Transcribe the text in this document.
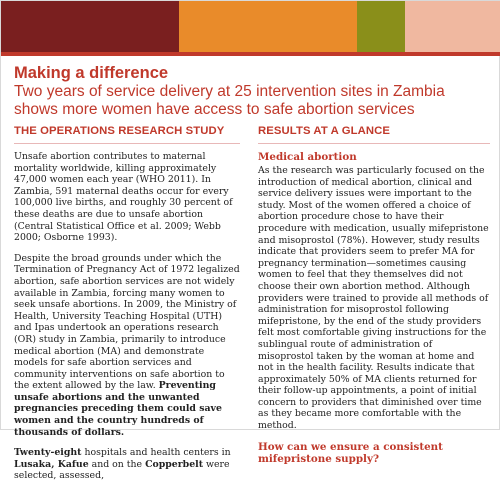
Making a difference
Two years of service delivery at 25 intervention sites in Zambia shows more women have access to safe abortion services
THE OPERATIONS RESEARCH STUDY

Unsafe abortion contributes to maternal mortality worldwide, killing approximately 47,000 women each year (WHO 2011). In Zambia, 591 maternal deaths occur for every 100,000 live births, and roughly 30 percent of these deaths are due to unsafe abortion (Central Statistical Office et al. 2009; Webb 2000; Osborne 1993).

Despite the broad grounds under which the Termination of Pregnancy Act of 1972 legalized abortion, safe abortion services are not widely available in Zambia, forcing many women to seek unsafe abortions. In 2009, the Ministry of Health, University Teaching Hospital (UTH) and Ipas undertook an operations research (OR) study in Zambia, primarily to introduce medical abortion (MA) and demonstrate models for safe abortion services and community interventions on safe abortion to the extent allowed by the law. Preventing unsafe abortions and the unwanted pregnancies preceding them could save women and the country hundreds of thousands of dollars.

Twenty-eight hospitals and health centers in Lusaka, Kafue and on the Copperbelt were selected, assessed,

RESULTS AT A GLANCE
Medical abortion

As the research was particularly focused on the introduction of medical abortion, clinical and service delivery issues were important to the study. Most of the women offered a choice of abortion procedure chose to have their procedure with medication, usually mifepristone and misoprostol (78%). However, study results indicate that providers seem to prefer MA for pregnancy termination—sometimes causing women to feel that they themselves did not choose their own abortion method. Although providers were trained to provide all methods of administration for misoprostol following mifepristone, by the end of the study providers felt most comfortable giving instructions for the sublingual route of administration of misoprostol taken by the woman at home and not in the health facility. Results indicate that approximately 50% of MA clients returned for their follow-up appointments, a point of initial concern to providers that diminished over time as they became more comfortable with the method.

How can we ensure a consistent mifepristone supply?
